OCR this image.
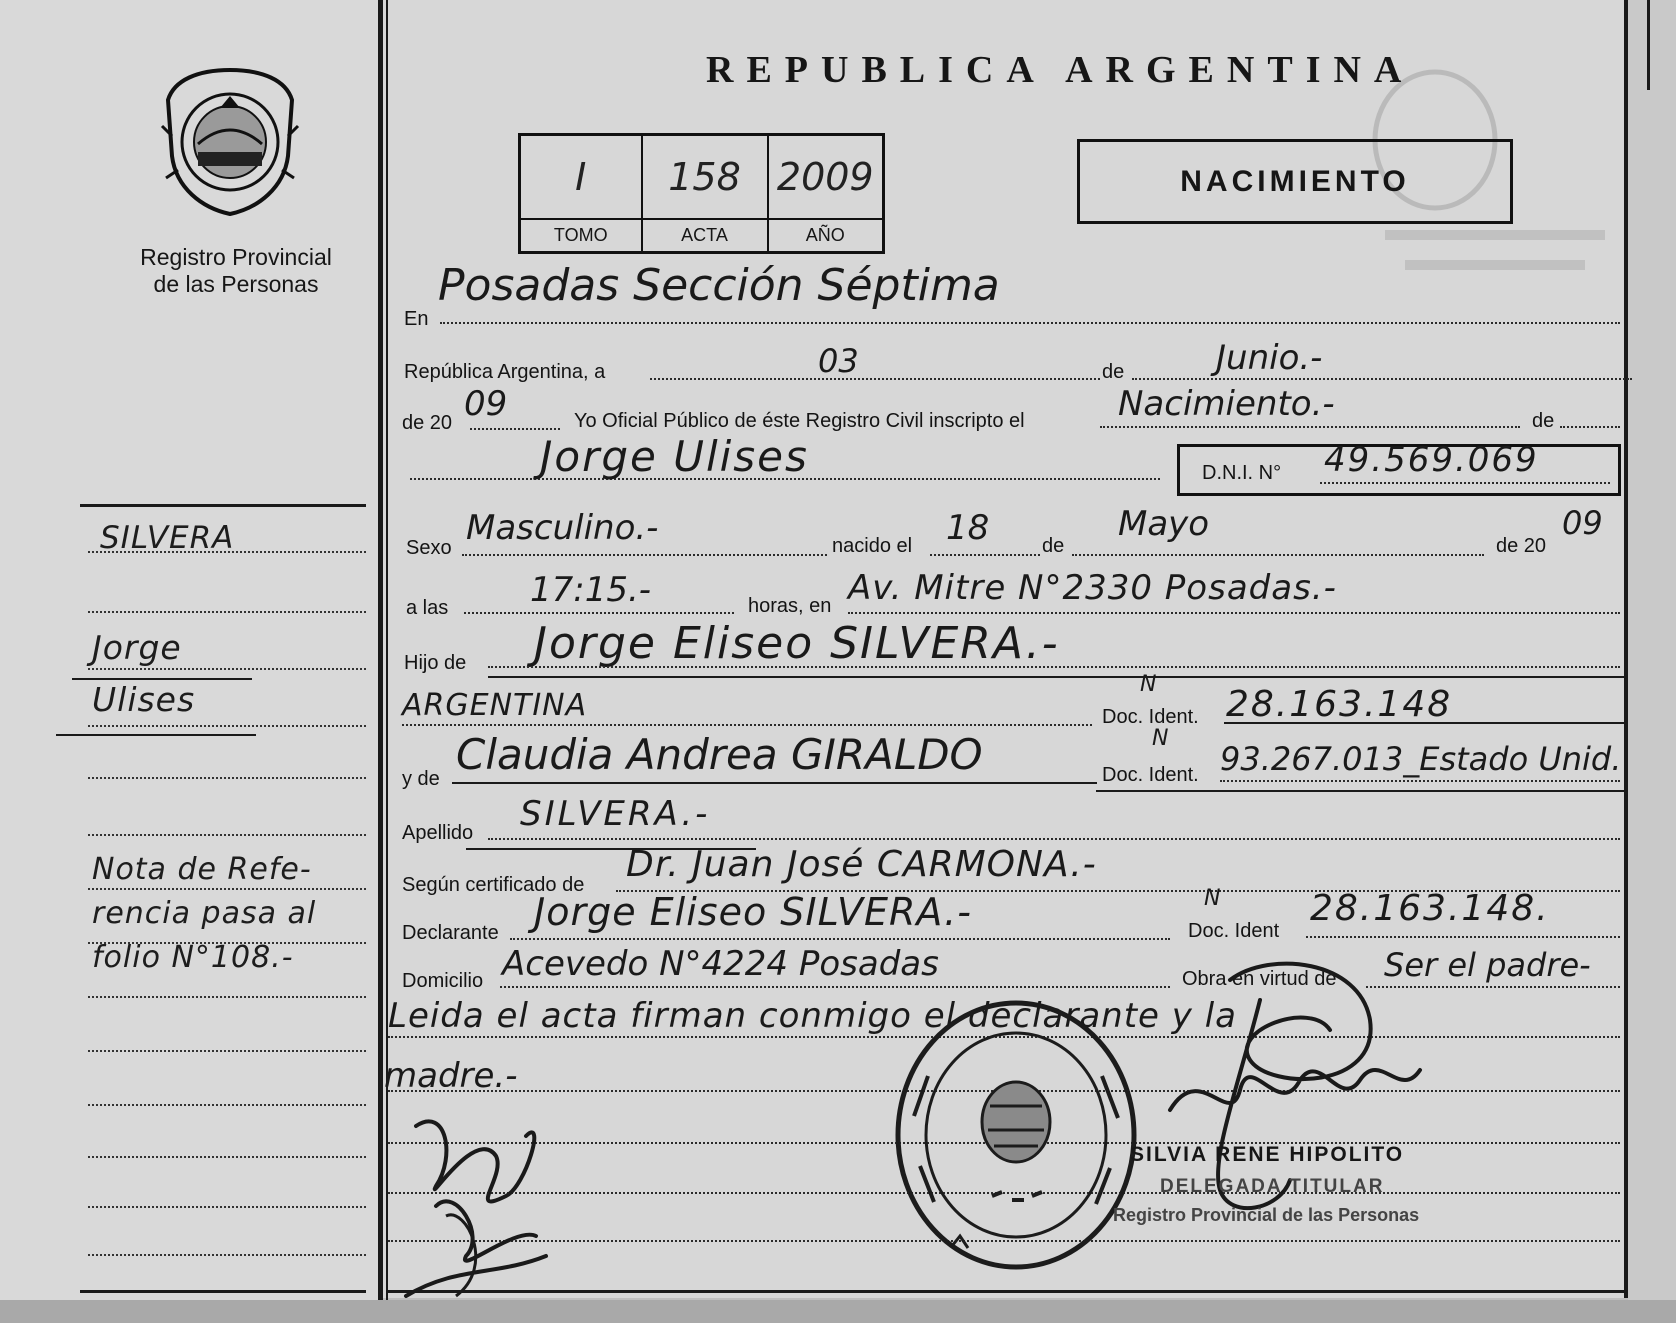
Registro Provincial
de las Personas
SILVERA
Jorge
Ulises
Nota de Refe-
rencia pasa al
folio N°108.-
REPUBLICA ARGENTINA
I	158	2009
TOMO	ACTA	AÑO
NACIMIENTO
En
Posadas Sección Séptima
República Argentina, a	03	de	Junio.-
de 20 09	Yo Oficial Público de éste Registro Civil inscripto el	Nacimiento.-	de
Jorge Ulises	D.N.I. N° 49.569.069
Sexo Masculino.-	nacido el 18	de
Mayo
de 20
09
a las 17:15.-	horas, en Av. Mitre N°2330 Posadas.-
Hijo de Jorge Eliseo SILVERA.-
ARGENTINA
N
Doc. Ident. 28.163.148
y de Claudia Andrea GIRALDO	N
Doc. Ident. 93.267.013_Estado Unid.
Apellido SILVERA.-
Según certificado de Dr. Juan José CARMONA.-
Declarante Jorge Eliseo SILVERA.-	N
Doc. Ident
28.163.148.
Domicilio Acevedo N°4224 Posadas	Obra en virtud de Ser el padre-
Leida el acta firman conmigo el declarante y la
madre.-
SILVIA RENE HIPOLITO
DELEGADA TITULAR
Registro Provincial de las Personas
